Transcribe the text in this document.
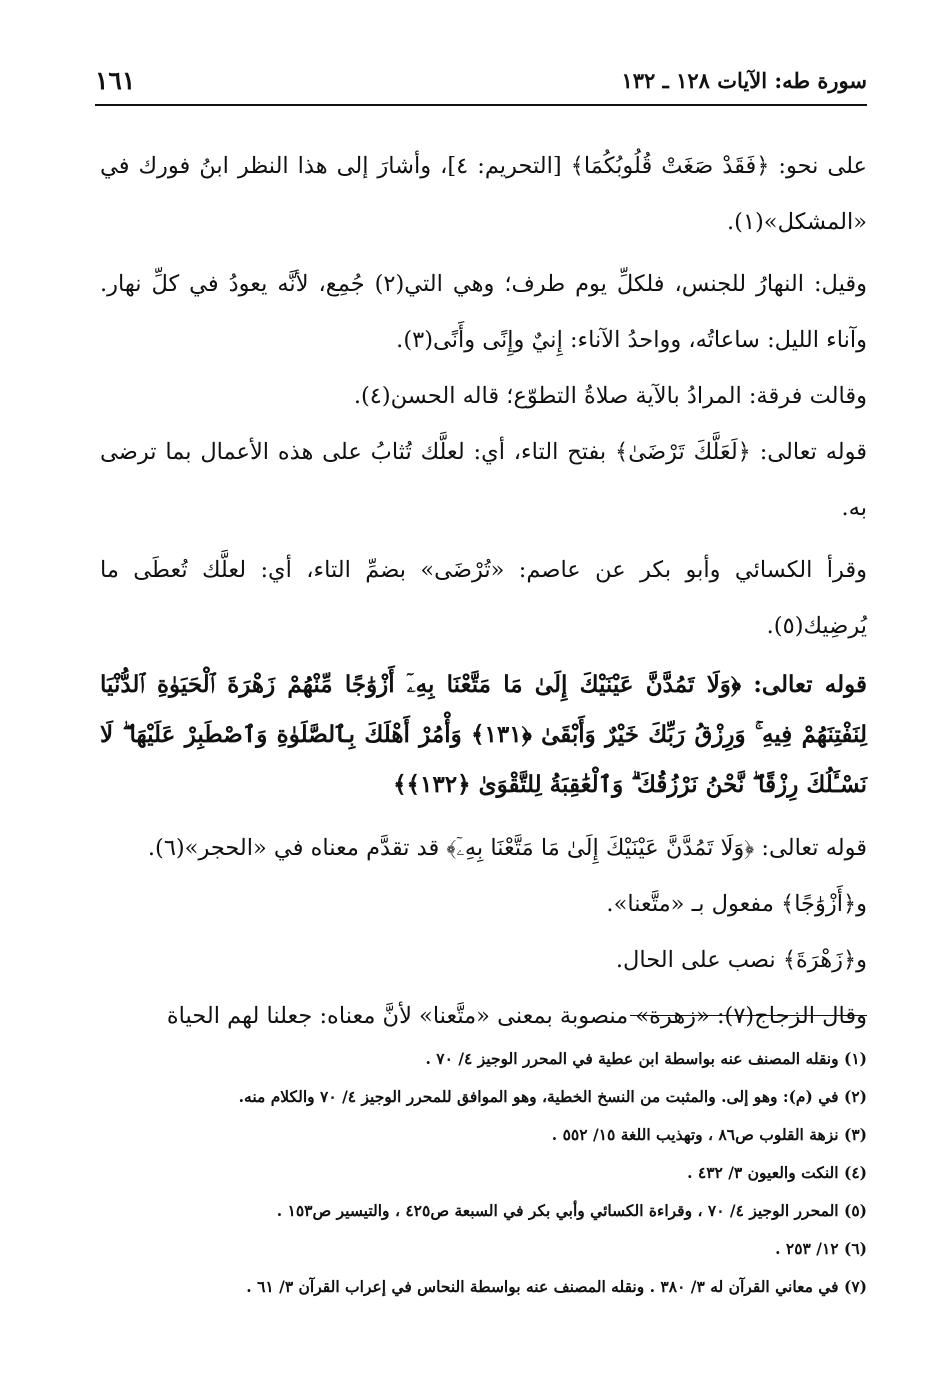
سورة طه: الآيات ١٢٨ ـ ١٣٢
١٦١

على نحو: ﴿فَقَدْ صَغَتْ قُلُوبُكُمَا﴾ [التحريم: ٤]، وأشارَ إلى هذا النظر ابنُ فورك في «المشكل»(١).

وقيل: النهارُ للجنس، فلكلِّ يوم طرف؛ وهي التي(٢) جُمِع، لأنَّه يعودُ في كلِّ نهار. وآناء الليل: ساعاتُه، وواحدُ الآناء: إِنيٌ وإِنًى وأَنًى(٣).

وقالت فرقة: المرادُ بالآية صلاةُ التطوّع؛ قاله الحسن(٤).

قوله تعالى: ﴿لَعَلَّكَ تَرْضَىٰ﴾ بفتح التاء، أي: لعلَّك تُثابُ على هذه الأعمال بما ترضى به.

وقرأ الكسائي وأبو بكر عن عاصم: «تُرْضَى» بضمِّ التاء، أي: لعلَّك تُعطَى ما يُرضِيك(٥).

قوله تعالى: ﴿وَلَا تَمُدَّنَّ عَيْنَيْكَ إِلَىٰ مَا مَتَّعْنَا بِهِۦٓ أَزْوَٰجًا مِّنْهُمْ زَهْرَةَ ٱلْحَيَوٰةِ ٱلدُّنْيَا لِنَفْتِنَهُمْ فِيهِ ۚ وَرِزْقُ رَبِّكَ خَيْرٌ وَأَبْقَىٰ ﴿١٣١﴾ وَأْمُرْ أَهْلَكَ بِٱلصَّلَوٰةِ وَٱصْطَبِرْ عَلَيْهَا ۖ لَا نَسْـَٔلُكَ رِزْقًا ۖ نَّحْنُ نَرْزُقُكَ ۗ وَٱلْعَٰقِبَةُ لِلتَّقْوَىٰ ﴿١٣٢﴾﴾

قوله تعالى: ﴿وَلَا تَمُدَّنَّ عَيْنَيْكَ إِلَىٰ مَا مَتَّعْنَا بِهِۦٓ﴾ قد تقدَّم معناه في «الحجر»(٦).

و﴿أَزْوَٰجًا﴾ مفعول بـ «متَّعنا».

و﴿زَهْرَةَ﴾ نصب على الحال.

وقال الزجاج(٧): «زهرة» منصوبة بمعنى «متَّعنا» لأنَّ معناه: جعلنا لهم الحياة

(١) ونقله المصنف عنه بواسطة ابن عطية في المحرر الوجيز ٤/ ٧٠ .

(٢) في (م): وهو إلى. والمثبت من النسخ الخطية، وهو الموافق للمحرر الوجيز ٤/ ٧٠ والكلام منه.

(٣) نزهة القلوب ص٨٦ ، وتهذيب اللغة ١٥/ ٥٥٢ .

(٤) النكت والعيون ٣/ ٤٣٢ .

(٥) المحرر الوجيز ٤/ ٧٠ ، وقراءة الكسائي وأبي بكر في السبعة ص٤٢٥ ، والتيسير ص١٥٣ .

(٦) ١٢/ ٢٥٣ .

(٧) في معاني القرآن له ٣/ ٣٨٠ . ونقله المصنف عنه بواسطة النحاس في إعراب القرآن ٣/ ٦١ .
